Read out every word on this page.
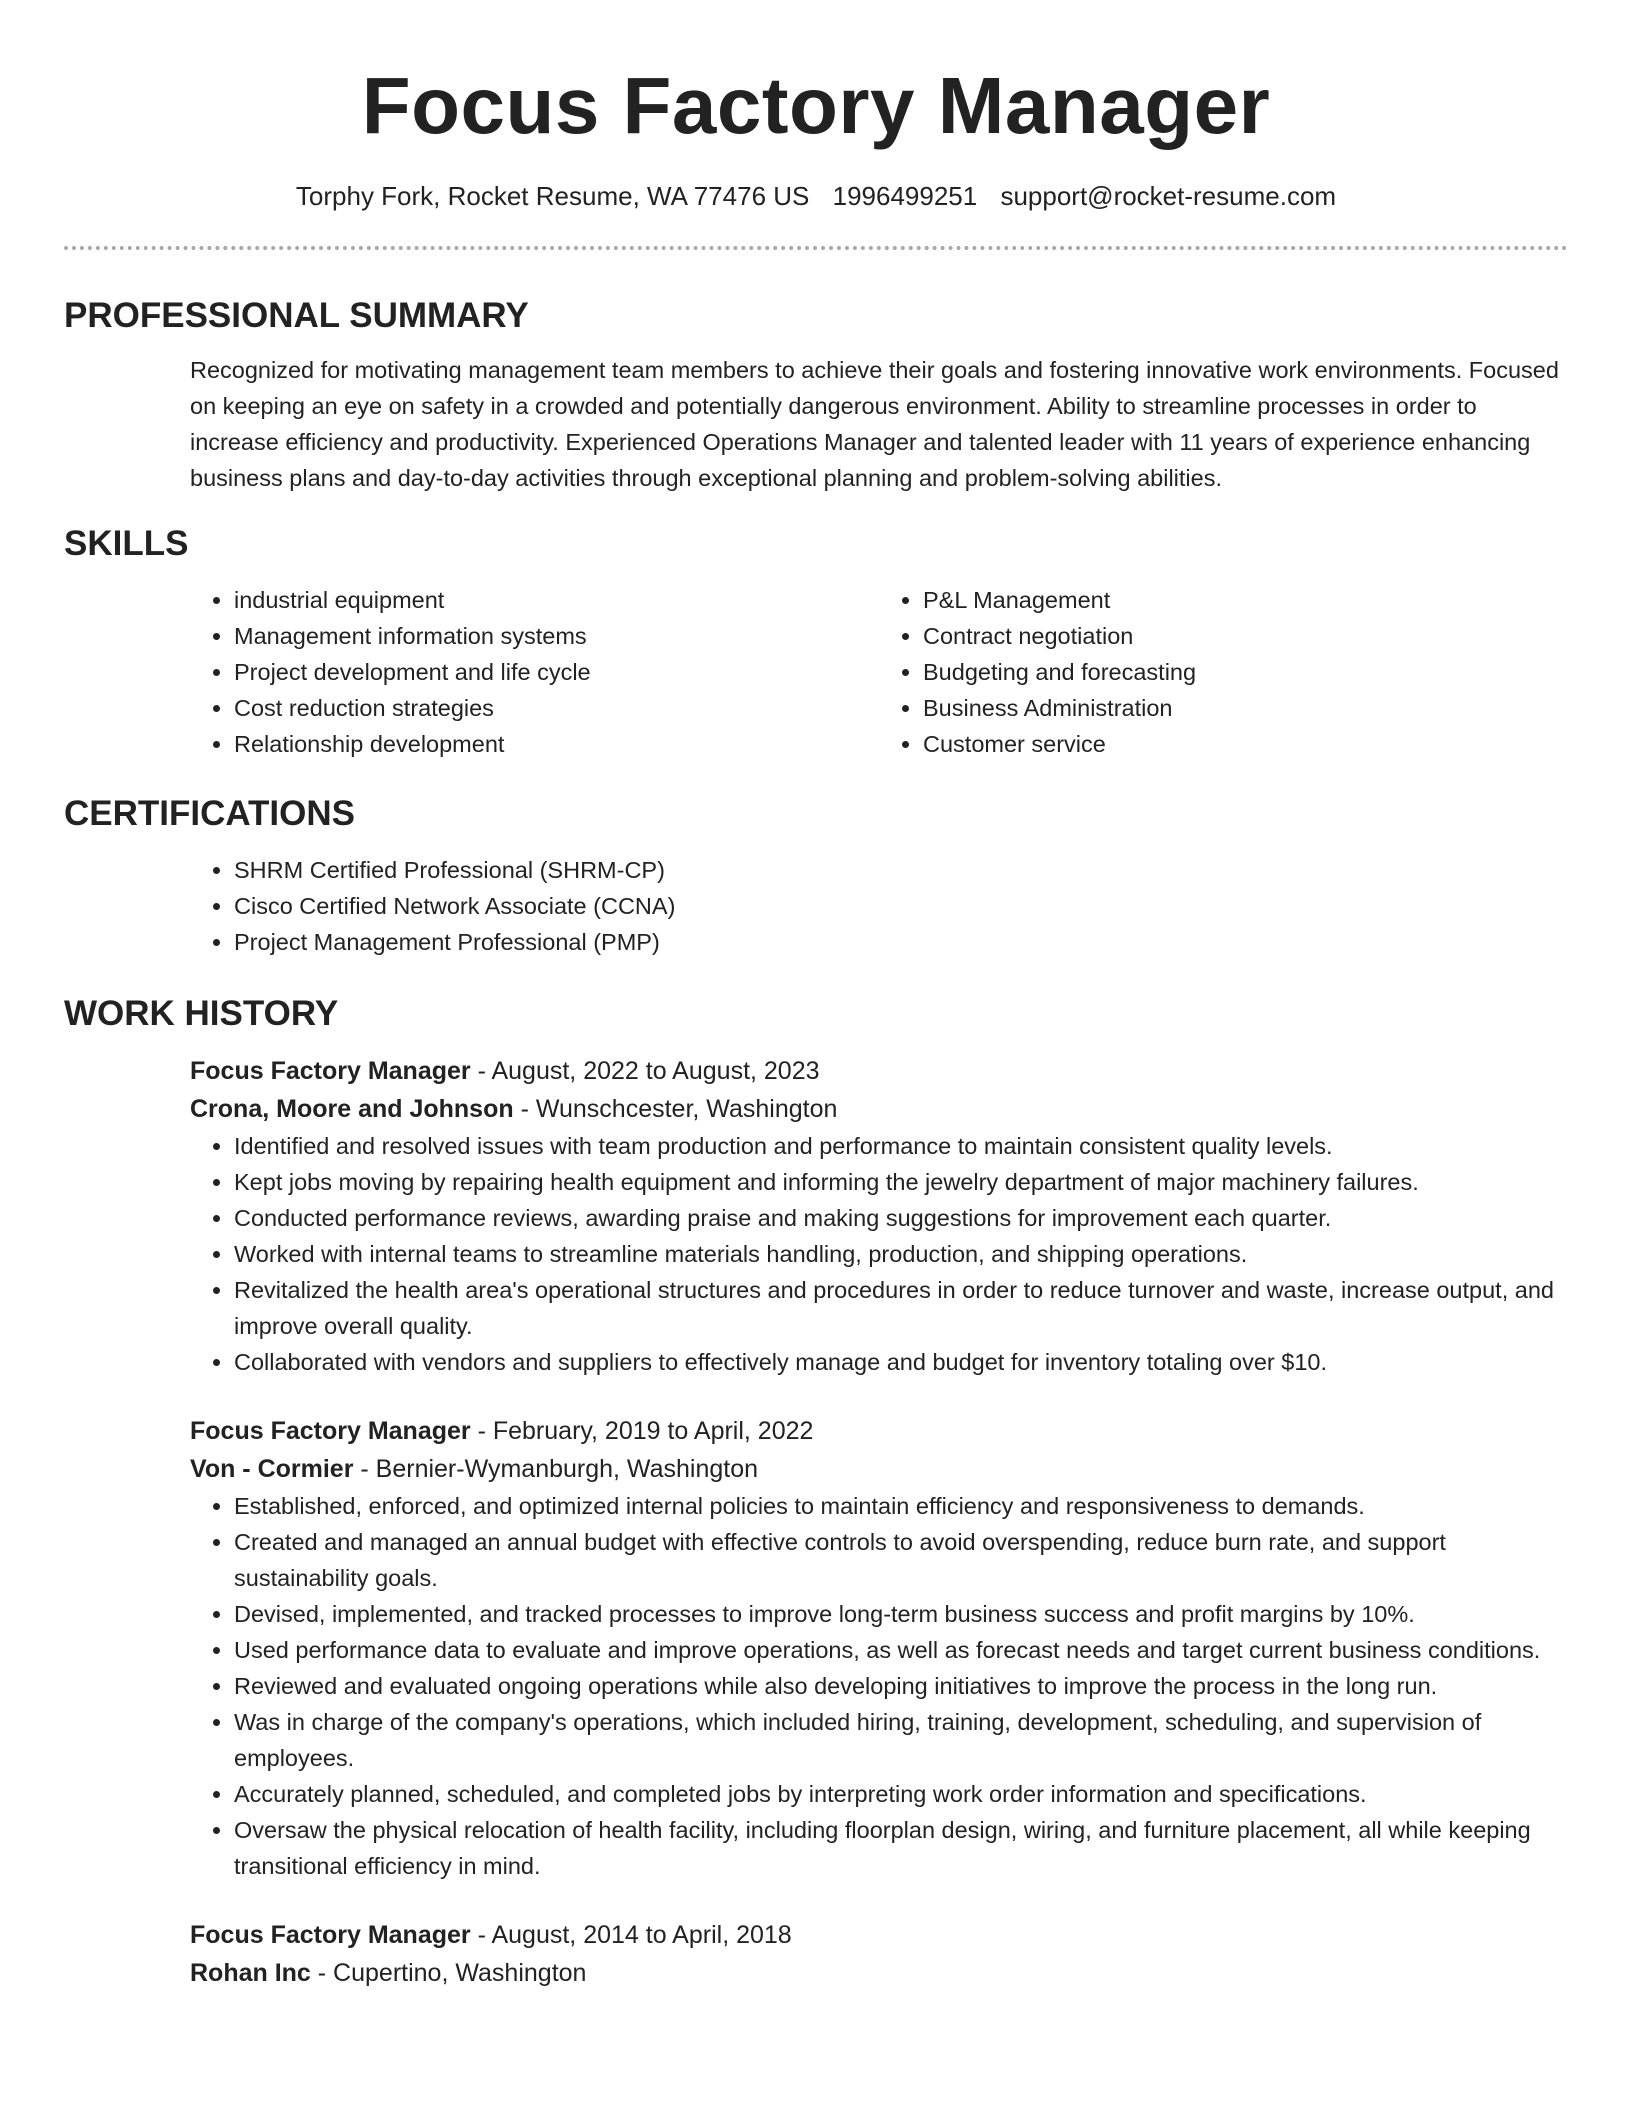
Focus Factory Manager
Torphy Fork, Rocket Resume, WA 77476 US 1996499251 support@rocket-resume.com
PROFESSIONAL SUMMARY

Recognized for motivating management team members to achieve their goals and fostering innovative work environments. Focused on keeping an eye on safety in a crowded and potentially dangerous environment. Ability to streamline processes in order to increase efficiency and productivity. Experienced Operations Manager and talented leader with 11 years of experience enhancing business plans and day-to-day activities through exceptional planning and problem-solving abilities.

SKILLS
• industrial equipment
• Management information systems
• Project development and life cycle
• Cost reduction strategies
• Relationship development
• P&L Management
• Contract negotiation
• Budgeting and forecasting
• Business Administration
• Customer service
CERTIFICATIONS
• SHRM Certified Professional (SHRM-CP)
• Cisco Certified Network Associate (CCNA)
• Project Management Professional (PMP)
WORK HISTORY
Focus Factory Manager - August, 2022 to August, 2023
Crona, Moore and Johnson - Wunschcester, Washington
• Identified and resolved issues with team production and performance to maintain consistent quality levels.
• Kept jobs moving by repairing health equipment and informing the jewelry department of major machinery failures.
• Conducted performance reviews, awarding praise and making suggestions for improvement each quarter.
• Worked with internal teams to streamline materials handling, production, and shipping operations.
• Revitalized the health area's operational structures and procedures in order to reduce turnover and waste, increase output, and improve overall quality.
• Collaborated with vendors and suppliers to effectively manage and budget for inventory totaling over $10.
Focus Factory Manager - February, 2019 to April, 2022
Von - Cormier - Bernier-Wymanburgh, Washington
• Established, enforced, and optimized internal policies to maintain efficiency and responsiveness to demands.
• Created and managed an annual budget with effective controls to avoid overspending, reduce burn rate, and support sustainability goals.
• Devised, implemented, and tracked processes to improve long-term business success and profit margins by 10%.
• Used performance data to evaluate and improve operations, as well as forecast needs and target current business conditions.
• Reviewed and evaluated ongoing operations while also developing initiatives to improve the process in the long run.
• Was in charge of the company's operations, which included hiring, training, development, scheduling, and supervision of employees.
• Accurately planned, scheduled, and completed jobs by interpreting work order information and specifications.
• Oversaw the physical relocation of health facility, including floorplan design, wiring, and furniture placement, all while keeping transitional efficiency in mind.
Focus Factory Manager - August, 2014 to April, 2018
Rohan Inc - Cupertino, Washington
